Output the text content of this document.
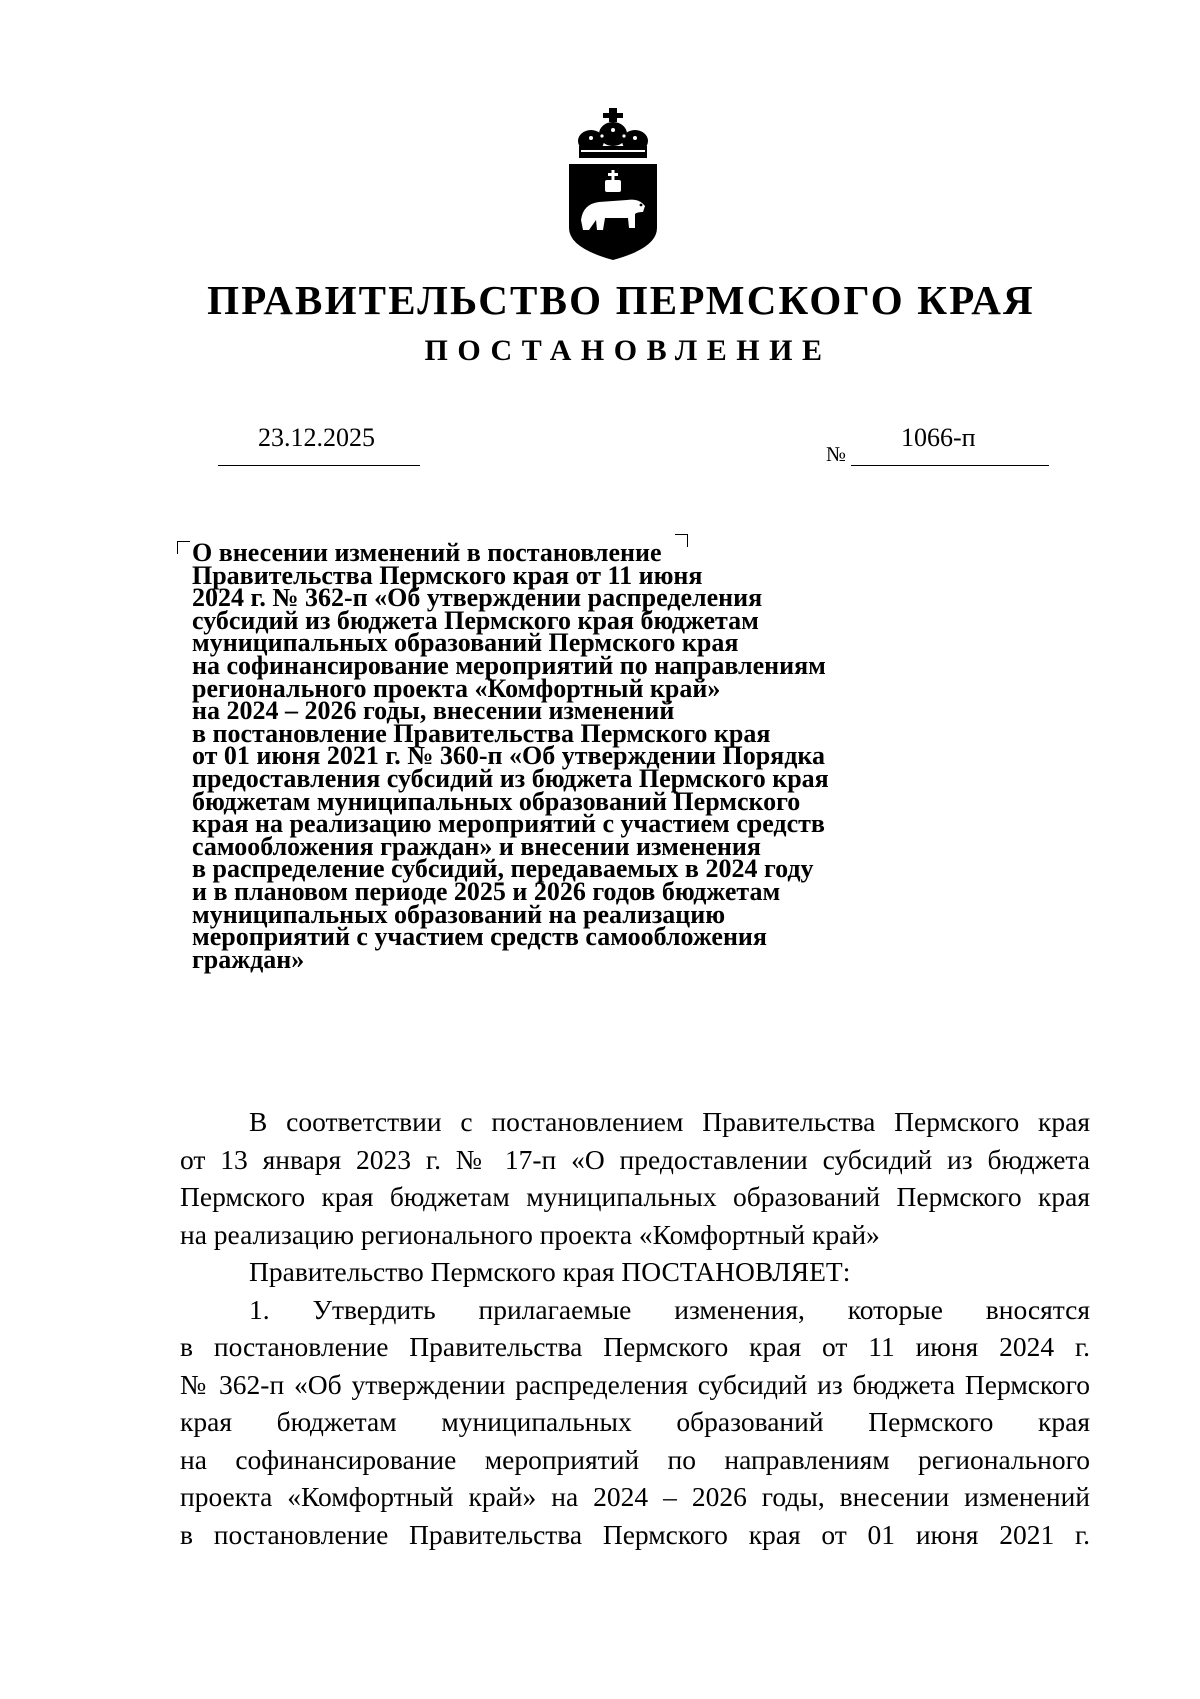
ПРАВИТЕЛЬСТВО ПЕРМСКОГО КРАЯ
ПОСТАНОВЛЕНИЕ
23.12.2025
№
1066-п
О внесении изменений в постановление
Правительства Пермского края от 11 июня
2024 г. № 362-п «Об утверждении распределения
субсидий из бюджета Пермского края бюджетам
муниципальных образований Пермского края
на софинансирование мероприятий по направлениям
регионального проекта «Комфортный край»
на 2024 – 2026 годы, внесении изменений
в постановление Правительства Пермского края
от 01 июня 2021 г. № 360-п «Об утверждении Порядка
предоставления субсидий из бюджета Пермского края
бюджетам муниципальных образований Пермского
края на реализацию мероприятий с участием средств
самообложения граждан» и внесении изменения
в распределение субсидий, передаваемых в 2024 году
и в плановом периоде 2025 и 2026 годов бюджетам
муниципальных образований на реализацию
мероприятий с участием средств самообложения
граждан»
В соответствии с постановлением Правительства Пермского края
от 13 января 2023 г. № 17-п «О предоставлении субсидий из бюджета
Пермского края бюджетам муниципальных образований Пермского края
на реализацию регионального проекта «Комфортный край»
Правительство Пермского края ПОСТАНОВЛЯЕТ:
1. Утвердить прилагаемые изменения, которые вносятся
в постановление Правительства Пермского края от 11 июня 2024 г.
№ 362-п «Об утверждении распределения субсидий из бюджета Пермского
края бюджетам муниципальных образований Пермского края
на софинансирование мероприятий по направлениям регионального
проекта «Комфортный край» на 2024 – 2026 годы, внесении изменений
в постановление Правительства Пермского края от 01 июня 2021 г.
